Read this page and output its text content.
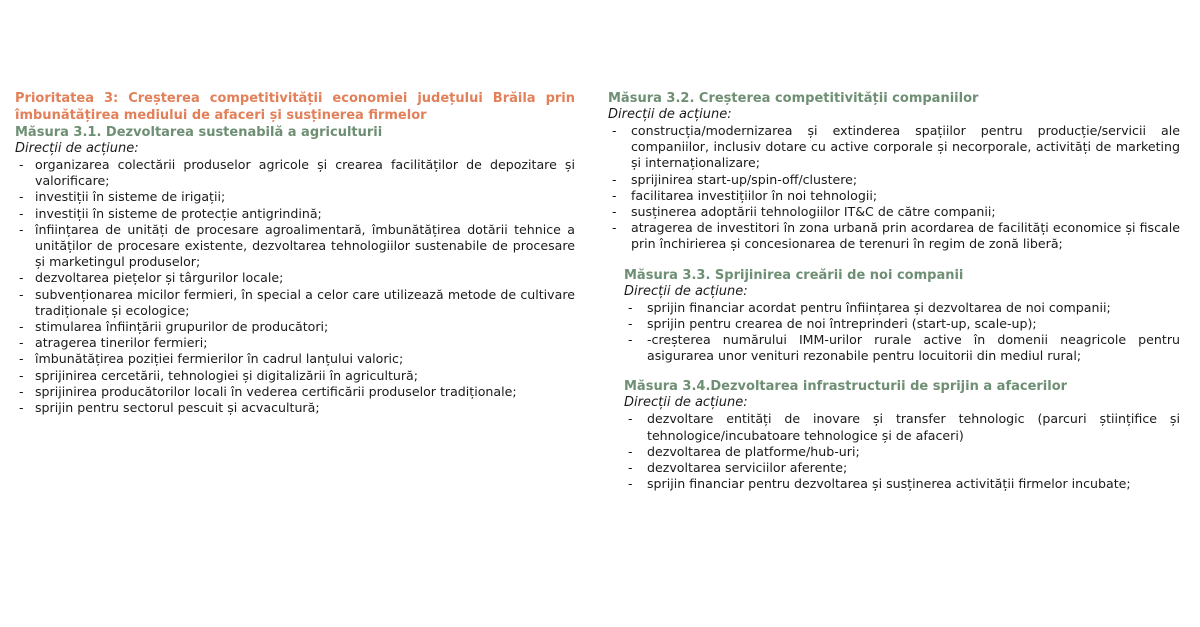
Prioritatea 3: Creșterea competitivității economiei județului Brăila prin îmbunătățirea mediului de afaceri și susținerea firmelor

Măsura 3.1. Dezvoltarea sustenabilă a agriculturii

Direcții de acțiune:

- organizarea colectării produselor agricole și crearea facilităților de depozitare și valorificare;
- investiții în sisteme de irigații;
- investiții în sisteme de protecție antigrindină;
- înființarea de unități de procesare agroalimentară, îmbunătățirea dotării tehnice a unităților de procesare existente, dezvoltarea tehnologiilor sustenabile de procesare și marketingul produselor;
- dezvoltarea piețelor și târgurilor locale;
- subvenționarea micilor fermieri, în special a celor care utilizează metode de cultivare tradiționale și ecologice;
- stimularea înființării grupurilor de producători;
- atragerea tinerilor fermieri;
- îmbunătățirea poziției fermierilor în cadrul lanțului valoric;
- sprijinirea cercetării, tehnologiei și digitalizării în agricultură;
- sprijinirea producătorilor locali în vederea certificării produselor tradiționale;
- sprijin pentru sectorul pescuit și acvacultură;

Măsura 3.2. Creșterea competitivității companiilor

Direcții de acțiune:

- construcția/modernizarea și extinderea spațiilor pentru producție/servicii ale companiilor, inclusiv dotare cu active corporale și necorporale, activități de marketing și internaționalizare;
- sprijinirea start-up/spin-off/clustere;
- facilitarea investițiilor în noi tehnologii;
- susținerea adoptării tehnologiilor IT&C de către companii;
- atragerea de investitori în zona urbană prin acordarea de facilități economice și fiscale prin închirierea și concesionarea de terenuri în regim de zonă liberă;

Măsura 3.3. Sprijinirea creării de noi companii

Direcții de acțiune:

- sprijin financiar acordat pentru înființarea și dezvoltarea de noi companii;
- sprijin pentru crearea de noi întreprinderi (start-up, scale-up);
- -creșterea numărului IMM-urilor rurale active în domenii neagricole pentru asigurarea unor venituri rezonabile pentru locuitorii din mediul rural;

Măsura 3.4.Dezvoltarea infrastructurii de sprijin a afacerilor

Direcții de acțiune:

- dezvoltare entități de inovare și transfer tehnologic (parcuri științifice și tehnologice/incubatoare tehnologice și de afaceri)
- dezvoltarea de platforme/hub-uri;
- dezvoltarea serviciilor aferente;
- sprijin financiar pentru dezvoltarea și susținerea activității firmelor incubate;
